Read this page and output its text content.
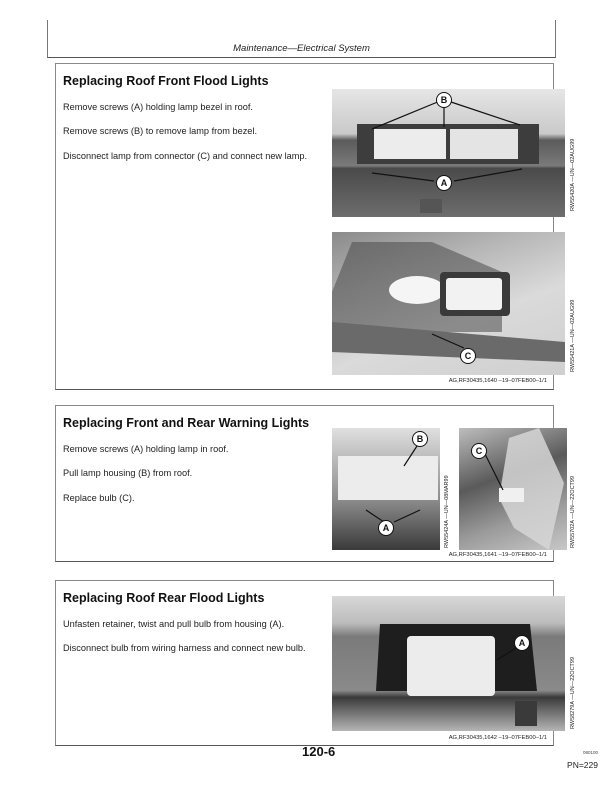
Maintenance—Electrical System
Replacing Roof Front Flood Lights

Remove screws (A) holding lamp bezel in roof.

Remove screws (B) to remove lamp from bezel.

Disconnect lamp from connector (C) and connect new lamp.

B
A	RW55420A —UN—02AUG99
C	RW55421A —UN—02AUG99
AG,RF30435,1640 –19–07FEB00–1/1
Replacing Front and Rear Warning Lights

Remove screws (A) holding lamp in roof.

Pull lamp housing (B) from roof.

Replace bulb (C).

B
A	RW55424A —UN—08MAR99
C
RW55702A —UN—22OCT99
AG,RF30435,1641 –19–07FEB00–1/1
Replacing Roof Rear Flood Lights

Unfasten retainer, twist and pull bulb from housing (A).

Disconnect bulb from wiring harness and connect new bulb.	A
RW58279A —UN—22OCT99
AG,RF30435,1642 –19–07FEB00–1/1
120-6	080100
PN=229
